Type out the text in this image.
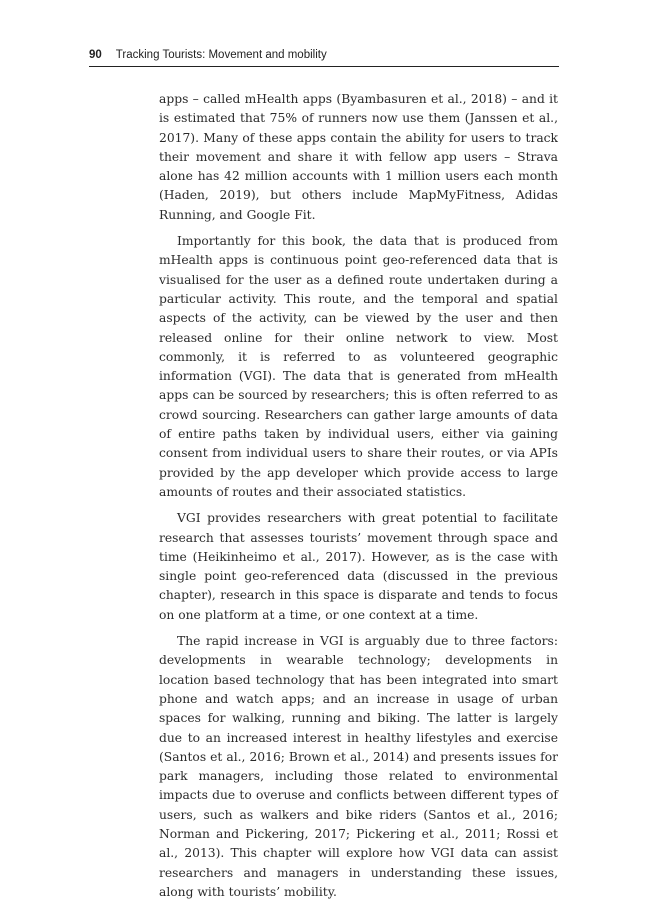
90 Tracking Tourists: Movement and mobility

apps – called mHealth apps (Byambasuren et al., 2018) – and it is estimated that 75% of runners now use them (Janssen et al., 2017). Many of these apps contain the ability for users to track their movement and share it with fellow app users – Strava alone has 42 million accounts with 1 million users each month (Haden, 2019), but others include MapMyFitness, Adidas Running, and Google Fit.

Importantly for this book, the data that is produced from mHealth apps is continuous point geo-referenced data that is visualised for the user as a defined route undertaken during a particular activity. This route, and the temporal and spatial aspects of the activity, can be viewed by the user and then released online for their online network to view. Most commonly, it is referred to as volunteered geographic information (VGI). The data that is generated from mHealth apps can be sourced by researchers; this is often referred to as crowd sourcing. Researchers can gather large amounts of data of entire paths taken by individual users, either via gaining consent from individual users to share their routes, or via APIs provided by the app developer which provide access to large amounts of routes and their associated statistics.

VGI provides researchers with great potential to facilitate research that assesses tourists’ movement through space and time (Heikinheimo et al., 2017). However, as is the case with single point geo-referenced data (discussed in the previous chapter), research in this space is disparate and tends to focus on one platform at a time, or one context at a time.

The rapid increase in VGI is arguably due to three factors: developments in wearable technology; developments in location based technology that has been integrated into smart phone and watch apps; and an increase in usage of urban spaces for walking, running and biking. The latter is largely due to an increased interest in healthy lifestyles and exercise (Santos et al., 2016; Brown et al., 2014) and presents issues for park managers, including those related to environmental impacts due to overuse and conflicts between different types of users, such as walkers and bike riders (Santos et al., 2016; Norman and Pickering, 2017; Pickering et al., 2011; Rossi et al., 2013). This chapter will explore how VGI data can assist researchers and managers in understanding these issues, along with tourists’ mobility.
